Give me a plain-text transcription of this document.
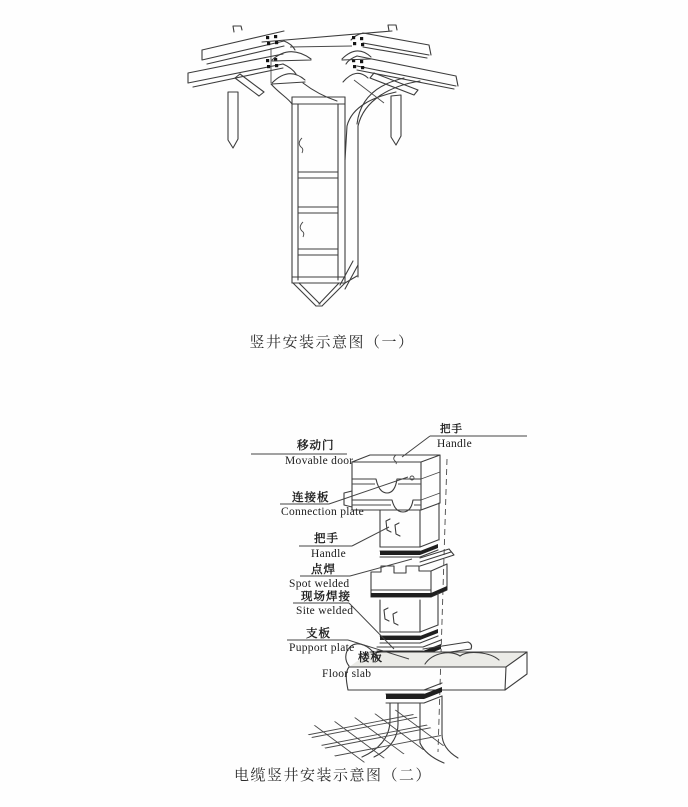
竖井安装示意图（一）
电缆竖井安装示意图（二）
移动门
Movable door
把手
Handle
连接板
Connection plate
把手
Handle
点焊
Spot welded
现场焊接
Site welded
支板
Pupport plate
楼板
Floor slab
